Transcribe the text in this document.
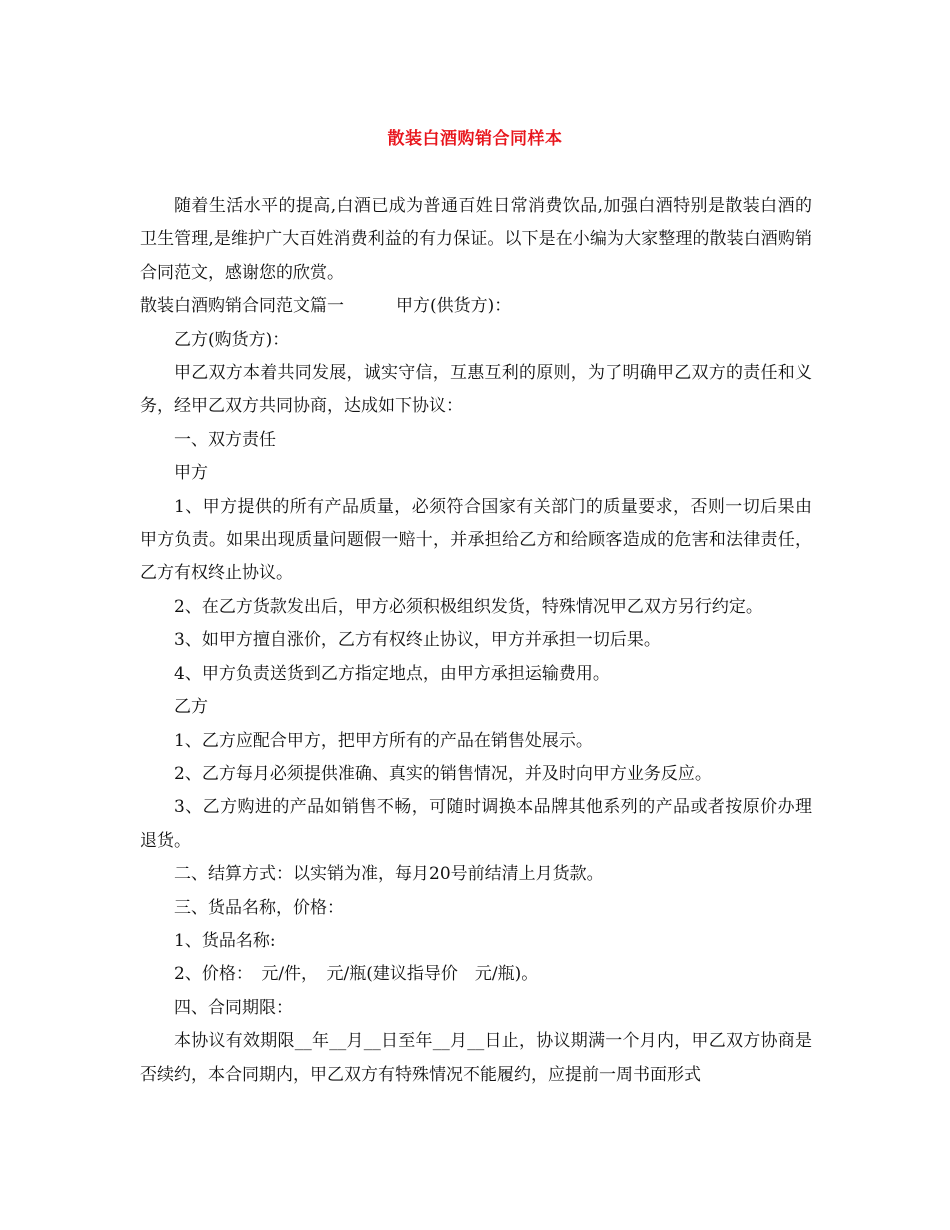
散装白酒购销合同样本

随着生活水平的提高,白酒已成为普通百姓日常消费饮品,加强白酒特别是散装白酒的卫生管理,是维护广大百姓消费利益的有力保证。以下是在小编为大家整理的散装白酒购销合同范文，感谢您的欣赏。

散装白酒购销合同范文篇一	甲方(供货方)：

乙方(购货方)：

甲乙双方本着共同发展，诚实守信，互惠互利的原则，为了明确甲乙双方的责任和义务，经甲乙双方共同协商，达成如下协议：

一、双方责任

甲方

1、甲方提供的所有产品质量，必须符合国家有关部门的质量要求，否则一切后果由甲方负责。如果出现质量问题假一赔十，并承担给乙方和给顾客造成的危害和法律责任，乙方有权终止协议。

2、在乙方货款发出后，甲方必须积极组织发货，特殊情况甲乙双方另行约定。

3、如甲方擅自涨价，乙方有权终止协议，甲方并承担一切后果。

4、甲方负责送货到乙方指定地点，由甲方承担运输费用。

乙方

1、乙方应配合甲方，把甲方所有的产品在销售处展示。

2、乙方每月必须提供准确、真实的销售情况，并及时向甲方业务反应。

3、乙方购进的产品如销售不畅，可随时调换本品牌其他系列的产品或者按原价办理退货。

二、结算方式：以实销为准，每月20号前结清上月货款。

三、货品名称，价格：

1、货品名称:

2、价格：　元/件，　元/瓶(建议指导价　元/瓶)。

四、合同期限：

本协议有效期限__年__月__日至年__月__日止，协议期满一个月内，甲乙双方协商是否续约，本合同期内，甲乙双方有特殊情况不能履约，应提前一周书面形式
